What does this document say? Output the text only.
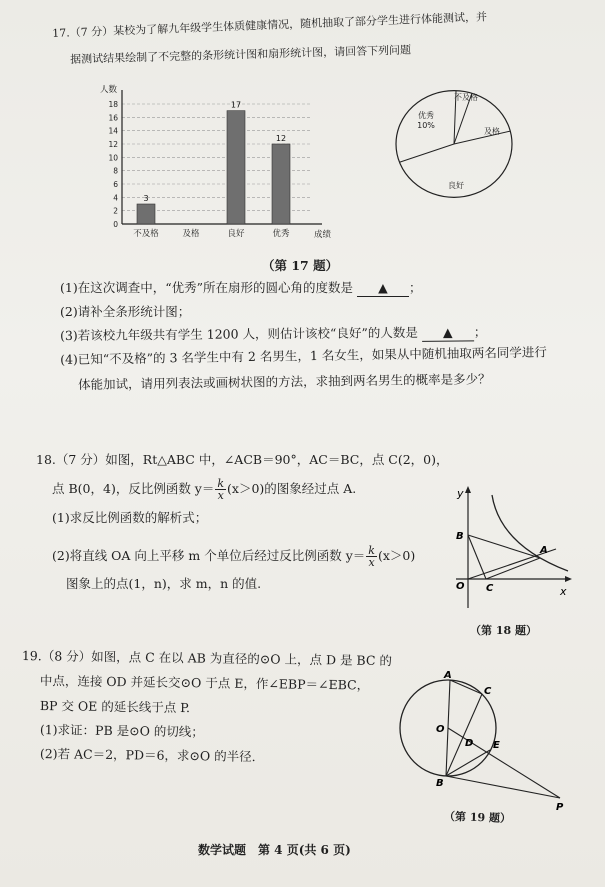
17.（7 分）某校为了解九年级学生体质健康情况，随机抽取了部分学生进行体能测试，并
据测试结果绘制了不完整的条形统计图和扇形统计图，请回答下列问题
0
2
4
6
8
10
12
14
16
18
人数
成绩
3
不及格	及格
17
良好
12
优秀
优秀
10%
及格
良好
不及格
（第 17 题）
(1)在这次调查中，“优秀”所在扇形的圆心角的度数是 ▲ ；
(2)请补全条形统计图；
(3)若该校九年级共有学生 1200 人，则估计该校“良好”的人数是 ▲ ；
(4)已知“不及格”的 3 名学生中有 2 名男生，1 名女生，如果从中随机抽取两名同学进行
体能加试，请用列表法或画树状图的方法，求抽到两名男生的概率是多少？
18.（7 分）如图，Rt△ABC 中，∠ACB＝90°，AC＝BC，点 C(2，0)，
点 B(0，4)，反比例函数 $y= \frac{k}{x} (x>0)$的图象经过点 A.
(1)求反比例函数的解析式；
(2)将直线 OA 向上平移 m 个单位后经过反比例函数 $y= \frac{k}{x} (x>0)$
图象上的点(1，n)，求 m，n 的值.
y
x
B
A
C
O
（第 18 题）
19.（8 分）如图，点 C 在以 AB 为直径的⊙O 上，点 D 是 BC 的
中点，连接 OD 并延长交⊙O 于点 E，作∠EBP＝∠EBC，
BP 交 OE 的延长线于点 P.
(1)求证：PB 是⊙O 的切线；
(2)若 AC＝2，PD＝6，求⊙O 的半径.
A
C
O
D E
B
P
（第 19 题）
数学试题　第 4 页(共 6 页)
